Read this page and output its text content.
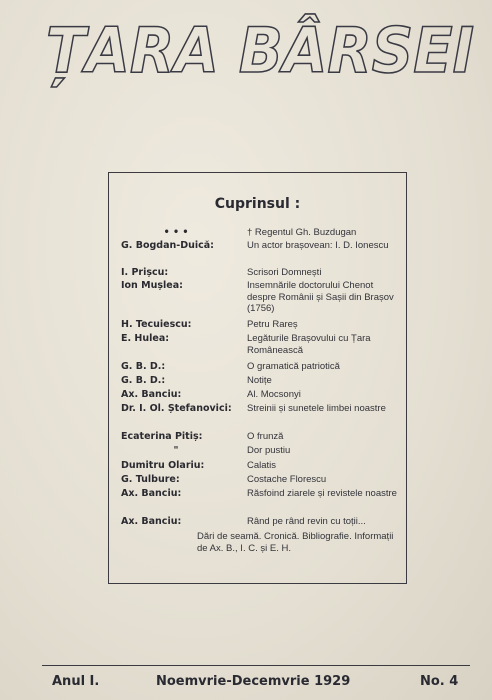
ȚARA BÂRSEI
Cuprinsul :
• • •	† Regentul Gh. Buzdugan
G. Bogdan-Duică:	Un actor brașovean: I. D. Ionescu
I. Prișcu:	Scrisori Domnești
Ion Mușlea:	Insemnările doctorului Chenot despre Românii și Sașii din Brașov (1756)
H. Tecuiescu:	Petru Rareș
E. Hulea:	Legăturile Brașovului cu Țara Românească
G. B. D.:	O gramatică patriotică
G. B. D.:	Notițe
Ax. Banciu:	Al. Mocsonyi
Dr. I. Ol. Ștefanovici:	Streinii și sunetele limbei noastre
Ecaterina Pitiș:	O frunză
"	Dor pustiu
Dumitru Olariu:	Calatis
G. Tulbure:	Costache Florescu
Ax. Banciu:	Răsfoind ziarele și revistele noastre
Ax. Banciu:	Rând pe rând revin cu toții...
Dări de seamă. Cronică. Bibliografie. Informații de Ax. B., I. C. și E. H.
Anul I.	Noemvrie-Decemvrie 1929	No. 4
